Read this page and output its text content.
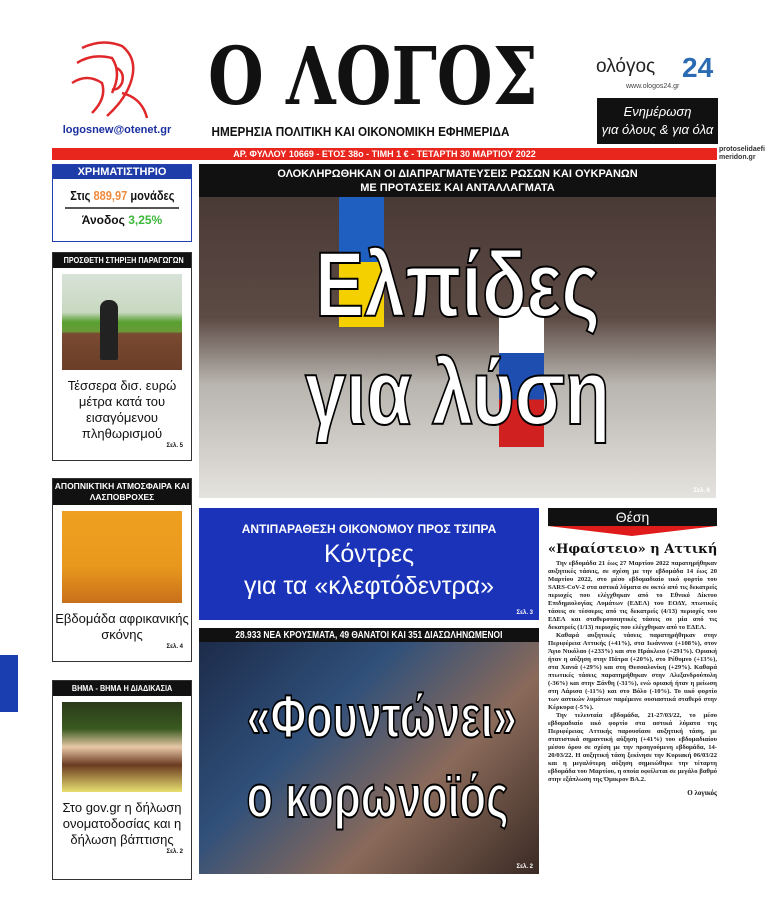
logosnew@otenet.gr
Ο ΛΟΓΟΣ
ΗΜΕΡΗΣΙΑ ΠΟΛΙΤΙΚΗ ΚΑΙ ΟΙΚΟΝΟΜΙΚΗ ΕΦΗΜΕΡΙΔΑ
ολόγος 24
www.ologos24.gr
Ενημέρωση
για όλους & για όλα
ΑΡ. ΦΥΛΛΟΥ 10669 - ΕΤΟΣ 38ο - ΤΙΜΗ 1 € - ΤΕΤΑΡΤΗ 30 ΜΑΡΤΙΟΥ 2022	protoselidaefimeridon.gr
ΧΡΗΜΑΤΙΣΤΗΡΙΟ
Στις 889,97 μονάδες
Άνοδος 3,25%
ΠΡΟΣΘΕΤΗ ΣΤΗΡΙΞΗ ΠΑΡΑΓΩΓΩΝ
Τέσσερα δισ. ευρώ μέτρα κατά του εισαγόμενου πληθωρισμού
Σελ. 5
ΑΠΟΠΝΙΚΤΙΚΗ ΑΤΜΟΣΦΑΙΡΑ ΚΑΙ ΛΑΣΠΟΒΡΟΧΕΣ
Εβδομάδα αφρικανικής σκόνης
Σελ. 4
ΒΗΜΑ - ΒΗΜΑ Η ΔΙΑΔΙΚΑΣΙΑ
Στο gov.gr η δήλωση ονοματοδοσίας και η δήλωση βάπτισης
Σελ. 2
ΟΛΟΚΛΗΡΩΘΗΚΑΝ ΟΙ ΔΙΑΠΡΑΓΜΑΤΕΥΣΕΙΣ ΡΩΣΩΝ ΚΑΙ ΟΥΚΡΑΝΩΝ
ΜΕ ΠΡΟΤΑΣΕΙΣ ΚΑΙ ΑΝΤΑΛΛΑΓΜΑΤΑ
Ελπίδες
για λύση
Σελ. 6
ΑΝΤΙΠΑΡΑΘΕΣΗ ΟΙΚΟΝΟΜΟΥ ΠΡΟΣ ΤΣΙΠΡΑ
Κόντρες
για τα «κλεφτόδεντρα»
Σελ. 3
28.933 ΝΕΑ ΚΡΟΥΣΜΑΤΑ, 49 ΘΑΝΑΤΟΙ ΚΑΙ 351 ΔΙΑΣΩΛΗΝΩΜΕΝΟΙ
«Φουντώνει»
ο κορωνοϊός
Σελ. 2
Θέση
«Ηφαίστειο» η Αττική

Την εβδομάδα 21 έως 27 Μαρτίου 2022 παρατηρήθηκαν αυξητικές τάσεις, σε σχέση με την εβδομάδα 14 έως 20 Μαρτίου 2022, στο μέσο εβδομαδιαίο ιικό φορτίο του SARS-CoV-2 στα αστικά λύματα σε οκτώ από τις δεκατρείς περιοχές που ελέγχθηκαν από το Εθνικό Δίκτυο Επιδημιολογίας Λυμάτων (ΕΔΕΛ) του ΕΟΔΥ, πτωτικές τάσεις σε τέσσερις από τις δεκατρείς (4/13) περιοχές του ΕΔΕΛ και σταθεροποιητικές τάσεις σε μία από τις δεκατρείς (1/13) περιοχές που ελέγχθηκαν από το ΕΔΕΛ.

Καθαρά αυξητικές τάσεις παρατηρήθηκαν στην Περιφέρεια Αττικής (+41%), στα Ιωάννινα (+108%), στον Άγιο Νικόλαο (+233%) και στο Ηράκλειο (+291%). Οριακή ήταν η αύξηση στην Πάτρα (+20%), στο Ρέθυμνο (+13%), στα Χανιά (+29%) και στη Θεσσαλονίκη (+29%). Καθαρά πτωτικές τάσεις παρατηρήθηκαν στην Αλεξανδρούπολη (-36%) και στην Ξάνθη (-31%), ενώ οριακή ήταν η μείωση στη Λάρισα (-11%) και στο Βόλο (-10%). Το ιικό φορτίο των αστικών λυμάτων παρέμεινε ουσιαστικά σταθερό στην Κέρκυρα (-5%).

Την τελευταία εβδομάδα, 21-27/03/22, το μέσο εβδομαδιαίο ιικό φορτίο στα αστικά λύματα της Περιφέρειας Αττικής παρουσίασε αυξητική τάση, με στατιστικά σημαντική αύξηση (+41%) του εβδομαδιαίου μέσου όρου σε σχέση με την προηγούμενη εβδομάδα, 14-20/03/22. Η αυξητική τάση ξεκίνησε την Κυριακή 06/03/22 και η μεγαλύτερη αύξηση σημειώθηκε την τέταρτη εβδομάδα του Μαρτίου, η οποία οφείλεται σε μεγάλο βαθμό στην εξάπλωση της Όμικρον ΒΑ.2.

Ο λογικός
